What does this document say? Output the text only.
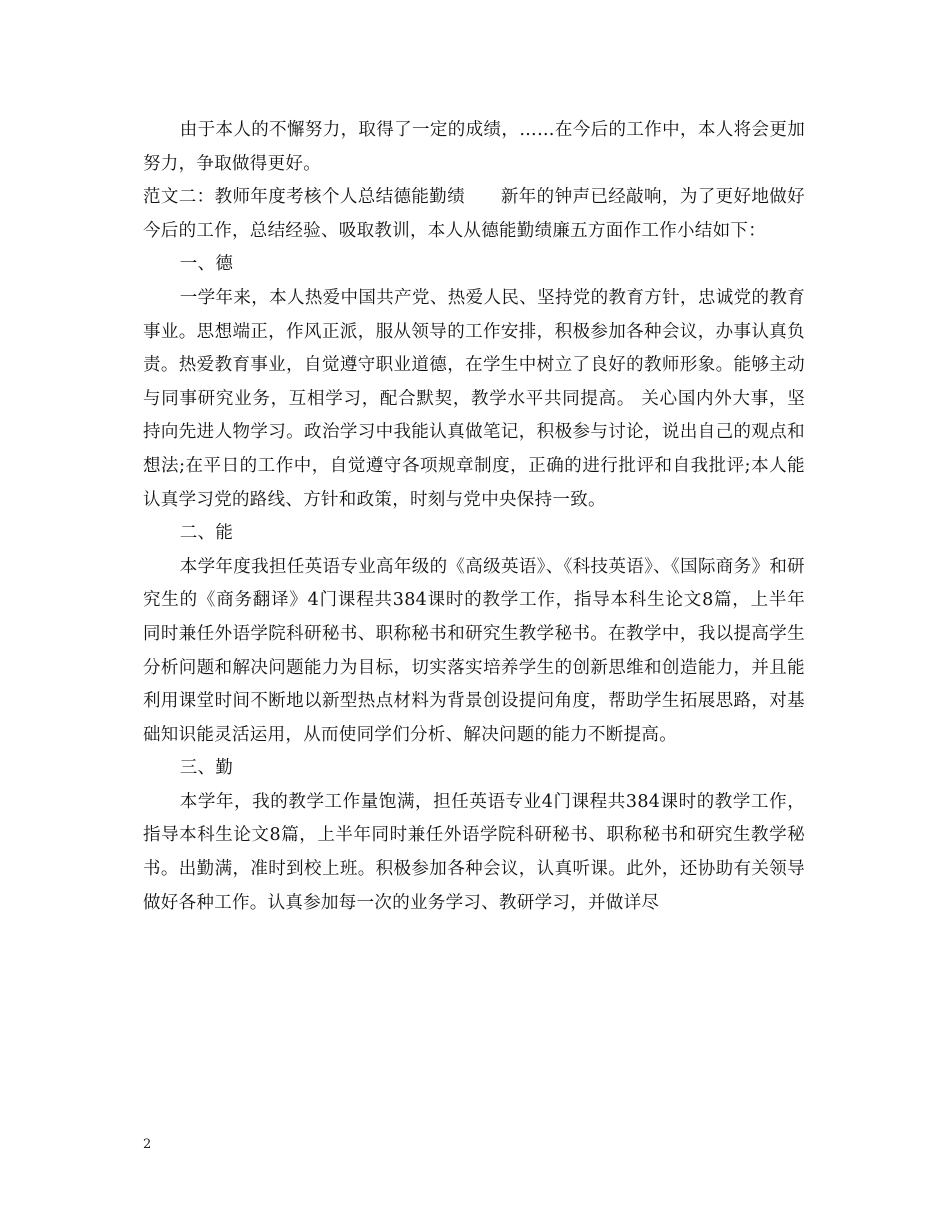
由于本人的不懈努力，取得了一定的成绩，……在今后的工作中，本人将会更加努力，争取做得更好。

范文二：教师年度考核个人总结德能勤绩　　新年的钟声已经敲响，为了更好地做好今后的工作，总结经验、吸取教训，本人从德能勤绩廉五方面作工作小结如下：

一、德

一学年来，本人热爱中国共产党、热爱人民、坚持党的教育方针，忠诚党的教育事业。思想端正，作风正派，服从领导的工作安排，积极参加各种会议，办事认真负责。热爱教育事业，自觉遵守职业道德，在学生中树立了良好的教师形象。能够主动与同事研究业务，互相学习，配合默契，教学水平共同提高。 关心国内外大事，坚持向先进人物学习。政治学习中我能认真做笔记，积极参与讨论，说出自己的观点和想法;在平日的工作中，自觉遵守各项规章制度，正确的进行批评和自我批评;本人能认真学习党的路线、方针和政策，时刻与党中央保持一致。

二、能

本学年度我担任英语专业高年级的《高级英语》、《科技英语》、《国际商务》和研究生的《商务翻译》4门课程共384课时的教学工作，指导本科生论文8篇，上半年同时兼任外语学院科研秘书、职称秘书和研究生教学秘书。在教学中，我以提高学生分析问题和解决问题能力为目标，切实落实培养学生的创新思维和创造能力，并且能利用课堂时间不断地以新型热点材料为背景创设提问角度，帮助学生拓展思路，对基础知识能灵活运用，从而使同学们分析、解决问题的能力不断提高。

三、勤

本学年，我的教学工作量饱满，担任英语专业4门课程共384课时的教学工作，指导本科生论文8篇，上半年同时兼任外语学院科研秘书、职称秘书和研究生教学秘书。出勤满，准时到校上班。积极参加各种会议，认真听课。此外，还协助有关领导做好各种工作。认真参加每一次的业务学习、教研学习，并做详尽

2
